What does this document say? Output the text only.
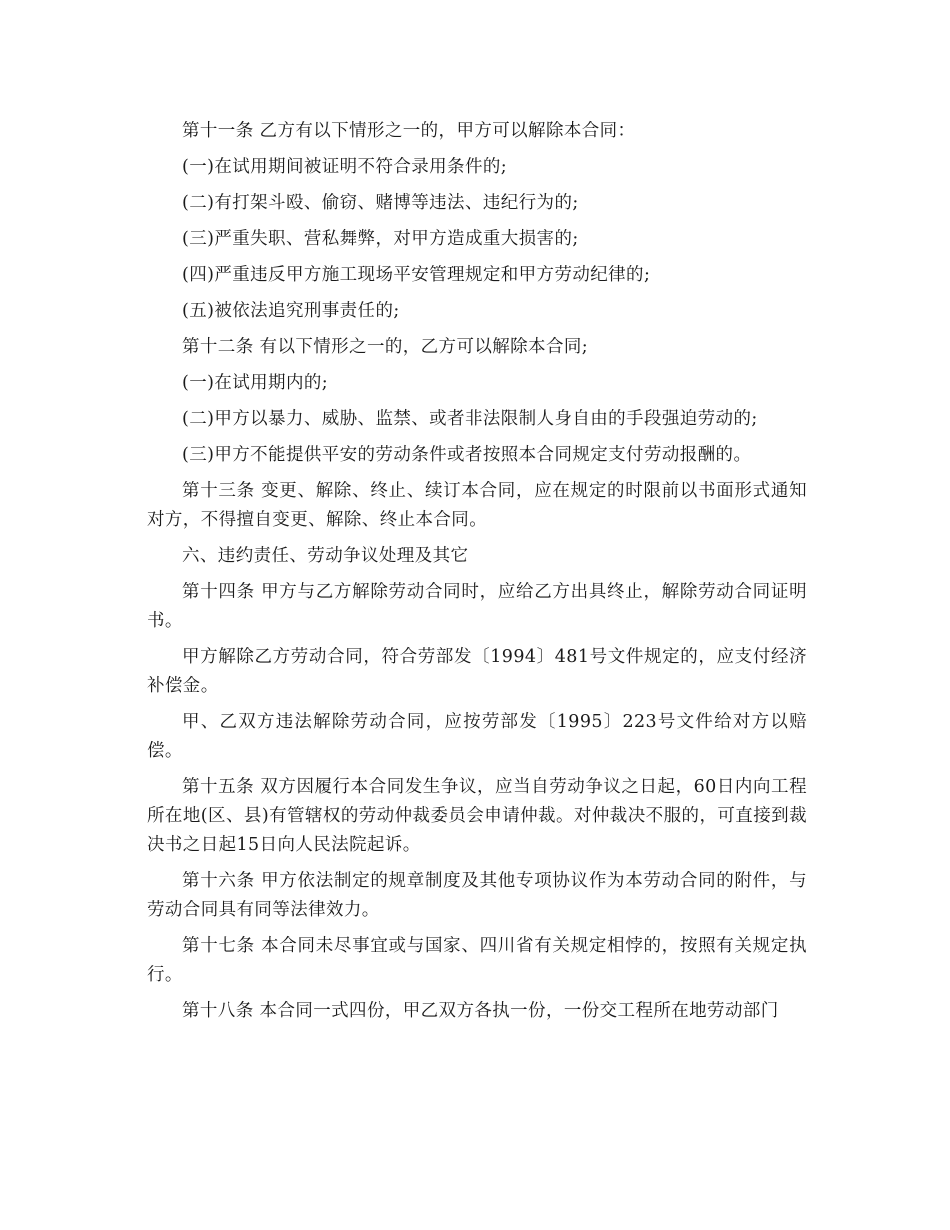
第十一条 乙方有以下情形之一的，甲方可以解除本合同：

(一)在试用期间被证明不符合录用条件的;

(二)有打架斗殴、偷窃、赌博等违法、违纪行为的;

(三)严重失职、营私舞弊，对甲方造成重大损害的;

(四)严重违反甲方施工现场平安管理规定和甲方劳动纪律的;

(五)被依法追究刑事责任的;

第十二条 有以下情形之一的，乙方可以解除本合同;

(一)在试用期内的;

(二)甲方以暴力、威胁、监禁、或者非法限制人身自由的手段强迫劳动的;

(三)甲方不能提供平安的劳动条件或者按照本合同规定支付劳动报酬的。

第十三条 变更、解除、终止、续订本合同，应在规定的时限前以书面形式通知对方，不得擅自变更、解除、终止本合同。

六、违约责任、劳动争议处理及其它

第十四条 甲方与乙方解除劳动合同时，应给乙方出具终止，解除劳动合同证明书。

甲方解除乙方劳动合同，符合劳部发〔1994〕481号文件规定的，应支付经济补偿金。

甲、乙双方违法解除劳动合同，应按劳部发〔1995〕223号文件给对方以赔偿。

第十五条 双方因履行本合同发生争议，应当自劳动争议之日起，60日内向工程所在地(区、县)有管辖权的劳动仲裁委员会申请仲裁。对仲裁决不服的，可直接到裁决书之日起15日向人民法院起诉。

第十六条 甲方依法制定的规章制度及其他专项协议作为本劳动合同的附件，与劳动合同具有同等法律效力。

第十七条 本合同未尽事宜或与国家、四川省有关规定相悖的，按照有关规定执行。

第十八条 本合同一式四份，甲乙双方各执一份，一份交工程所在地劳动部门
